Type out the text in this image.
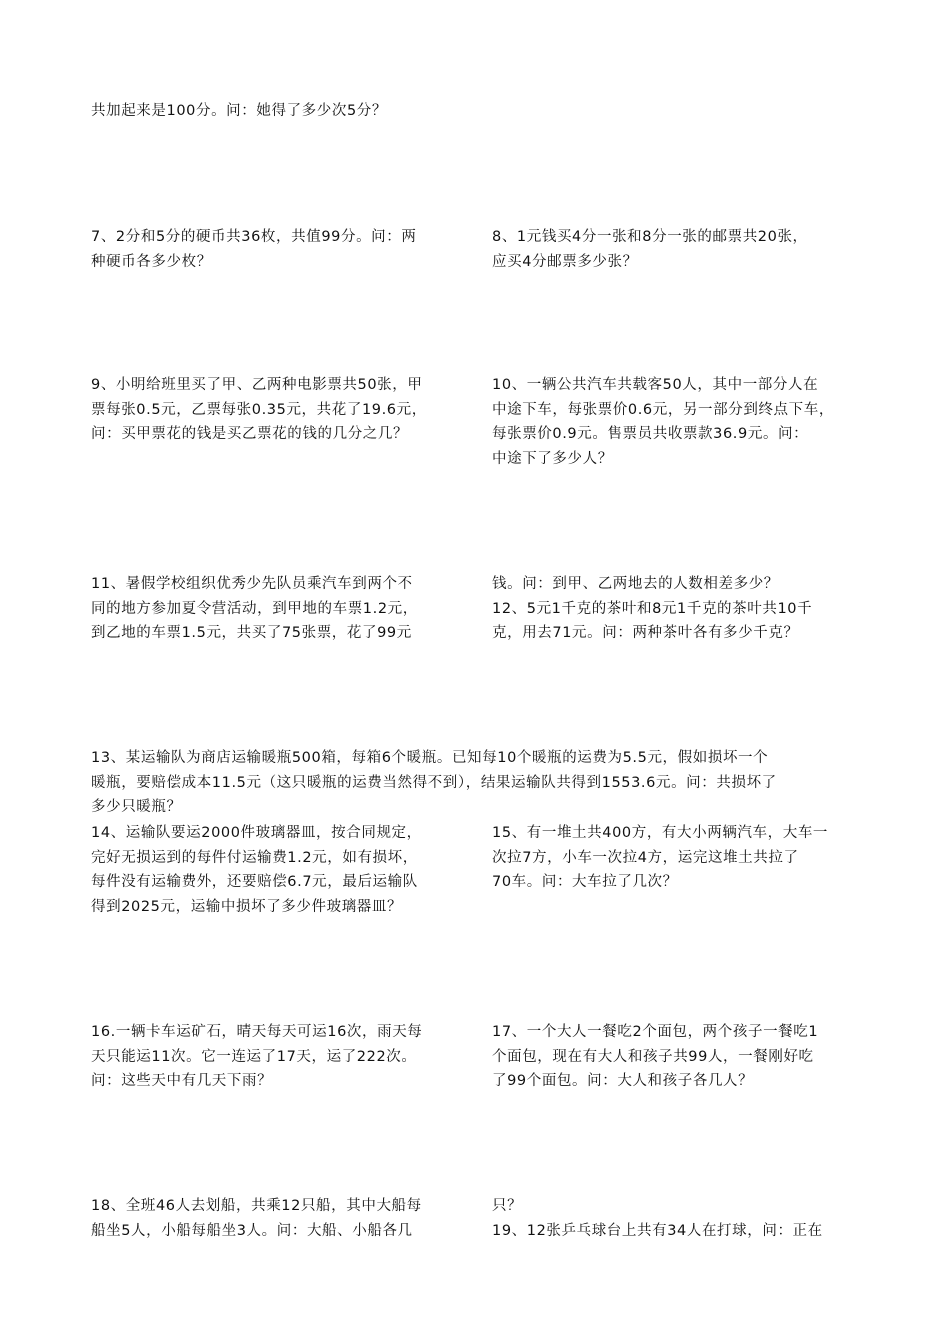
共加起来是100分。问：她得了多少次5分？
7、2分和5分的硬币共36枚，共值99分。问：两
种硬币各多少枚？
8、1元钱买4分一张和8分一张的邮票共20张，
应买4分邮票多少张？
9、小明给班里买了甲、乙两种电影票共50张，甲
票每张0.5元，乙票每张0.35元，共花了19.6元，
问：买甲票花的钱是买乙票花的钱的几分之几？
10、一辆公共汽车共载客50人，其中一部分人在
中途下车，每张票价0.6元，另一部分到终点下车，
每张票价0.9元。售票员共收票款36.9元。问：
中途下了多少人？
11、暑假学校组织优秀少先队员乘汽车到两个不
同的地方参加夏令营活动，到甲地的车票1.2元，
到乙地的车票1.5元，共买了75张票，花了99元
钱。问：到甲、乙两地去的人数相差多少？
12、5元1千克的茶叶和8元1千克的茶叶共10千
克，用去71元。问：两种茶叶各有多少千克？
13、某运输队为商店运输暖瓶500箱，每箱6个暖瓶。已知每10个暖瓶的运费为5.5元，假如损坏一个
暖瓶，要赔偿成本11.5元（这只暖瓶的运费当然得不到），结果运输队共得到1553.6元。问：共损坏了
多少只暖瓶？
14、运输队要运2000件玻璃器皿，按合同规定，
完好无损运到的每件付运输费1.2元，如有损坏，
每件没有运输费外，还要赔偿6.7元，最后运输队
得到2025元，运输中损坏了多少件玻璃器皿？
15、有一堆土共400方，有大小两辆汽车，大车一
次拉7方，小车一次拉4方，运完这堆土共拉了
70车。问：大车拉了几次？
16.一辆卡车运矿石，晴天每天可运16次，雨天每
天只能运11次。它一连运了17天，运了222次。
问：这些天中有几天下雨？
17、一个大人一餐吃2个面包，两个孩子一餐吃1
个面包，现在有大人和孩子共99人，一餐刚好吃
了99个面包。问：大人和孩子各几人？
18、全班46人去划船，共乘12只船，其中大船每
船坐5人，小船每船坐3人。问：大船、小船各几
只？
19、12张乒乓球台上共有34人在打球，问：正在
